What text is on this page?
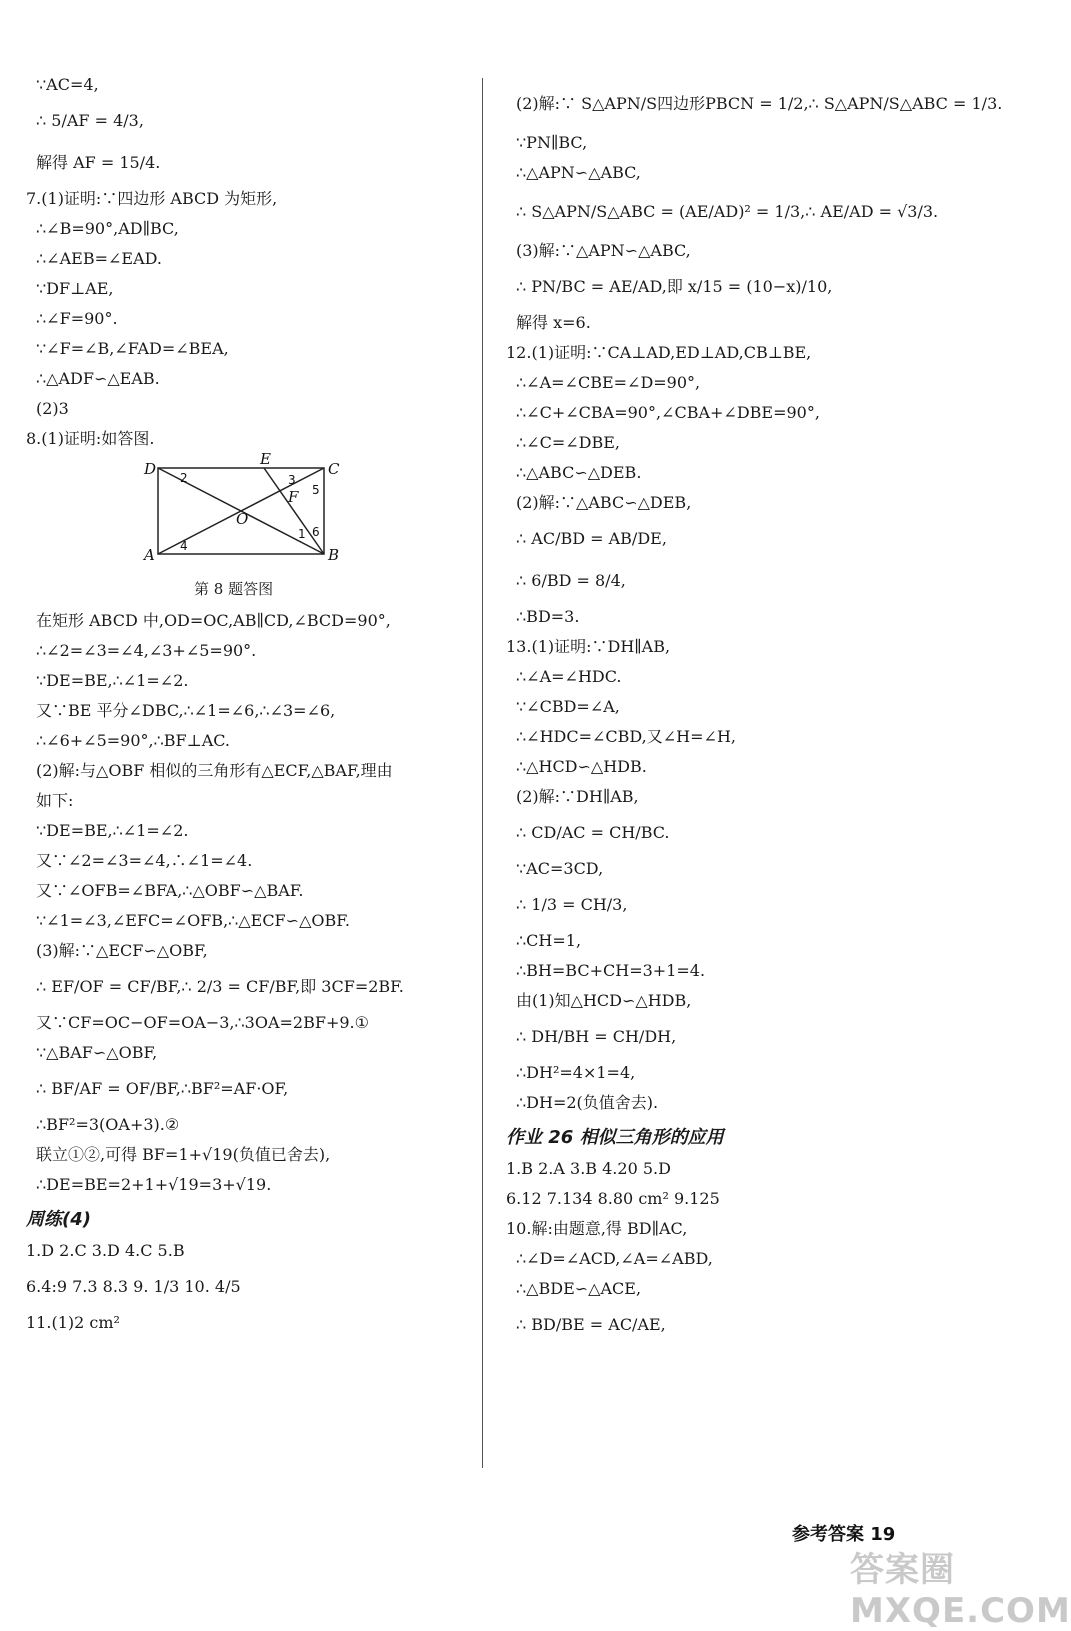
∵AC=4,
∴ 5/AF = 4/3,
解得 AF = 15/4.
7.(1)证明:∵四边形 ABCD 为矩形,
∴∠B=90°,AD∥BC,
∴∠AEB=∠EAD.
∵DF⊥AE,
∴∠F=90°.
∵∠F=∠B,∠FAD=∠BEA,
∴△ADF∽△EAB.
(2)3
8.(1)证明:如答图.
D
E
C
A	B
O
F
1
2	3
4
5
6
第 8 题答图
在矩形 ABCD 中,OD=OC,AB∥CD,∠BCD=90°,
∴∠2=∠3=∠4,∠3+∠5=90°.
∵DE=BE,∴∠1=∠2.
又∵BE 平分∠DBC,∴∠1=∠6,∴∠3=∠6,
∴∠6+∠5=90°,∴BF⊥AC.
(2)解:与△OBF 相似的三角形有△ECF,△BAF,理由
如下:
∵DE=BE,∴∠1=∠2.
又∵∠2=∠3=∠4,∴∠1=∠4.
又∵∠OFB=∠BFA,∴△OBF∽△BAF.
∵∠1=∠3,∠EFC=∠OFB,∴△ECF∽△OBF.
(3)解:∵△ECF∽△OBF,
∴ EF/OF = CF/BF,∴ 2/3 = CF/BF,即 3CF=2BF.
又∵CF=OC−OF=OA−3,∴3OA=2BF+9.①
∵△BAF∽△OBF,
∴ BF/AF = OF/BF,∴BF²=AF·OF,
∴BF²=3(OA+3).②
联立①②,可得 BF=1+√19(负值已舍去),
∴DE=BE=2+1+√19=3+√19.
周练(4)
1.D 2.C 3.D 4.C 5.B
6.4:9 7.3 8.3 9. 1/3 10. 4/5
11.(1)2 cm²
(2)解:∵ S△APN/S四边形PBCN = 1/2,∴ S△APN/S△ABC = 1/3.
∵PN∥BC,
∴△APN∽△ABC,
∴ S△APN/S△ABC = (AE/AD)² = 1/3,∴ AE/AD = √3/3.
(3)解:∵△APN∽△ABC,
∴ PN/BC = AE/AD,即 x/15 = (10−x)/10,
解得 x=6.
12.(1)证明:∵CA⊥AD,ED⊥AD,CB⊥BE,
∴∠A=∠CBE=∠D=90°,
∴∠C+∠CBA=90°,∠CBA+∠DBE=90°,
∴∠C=∠DBE,
∴△ABC∽△DEB.
(2)解:∵△ABC∽△DEB,
∴ AC/BD = AB/DE,
∴ 6/BD = 8/4,
∴BD=3.
13.(1)证明:∵DH∥AB,
∴∠A=∠HDC.
∵∠CBD=∠A,
∴∠HDC=∠CBD,又∠H=∠H,
∴△HCD∽△HDB.
(2)解:∵DH∥AB,
∴ CD/AC = CH/BC.
∵AC=3CD,
∴ 1/3 = CH/3,
∴CH=1,
∴BH=BC+CH=3+1=4.
由(1)知△HCD∽△HDB,
∴ DH/BH = CH/DH,
∴DH²=4×1=4,
∴DH=2(负值舍去).
作业 26 相似三角形的应用
1.B 2.A 3.B 4.20 5.D
6.12 7.134 8.80 cm² 9.125
10.解:由题意,得 BD∥AC,
∴∠D=∠ACD,∠A=∠ABD,
∴△BDE∽△ACE,
∴ BD/BE = AC/AE,
参考答案 19
答案圈 MXQE.COM
